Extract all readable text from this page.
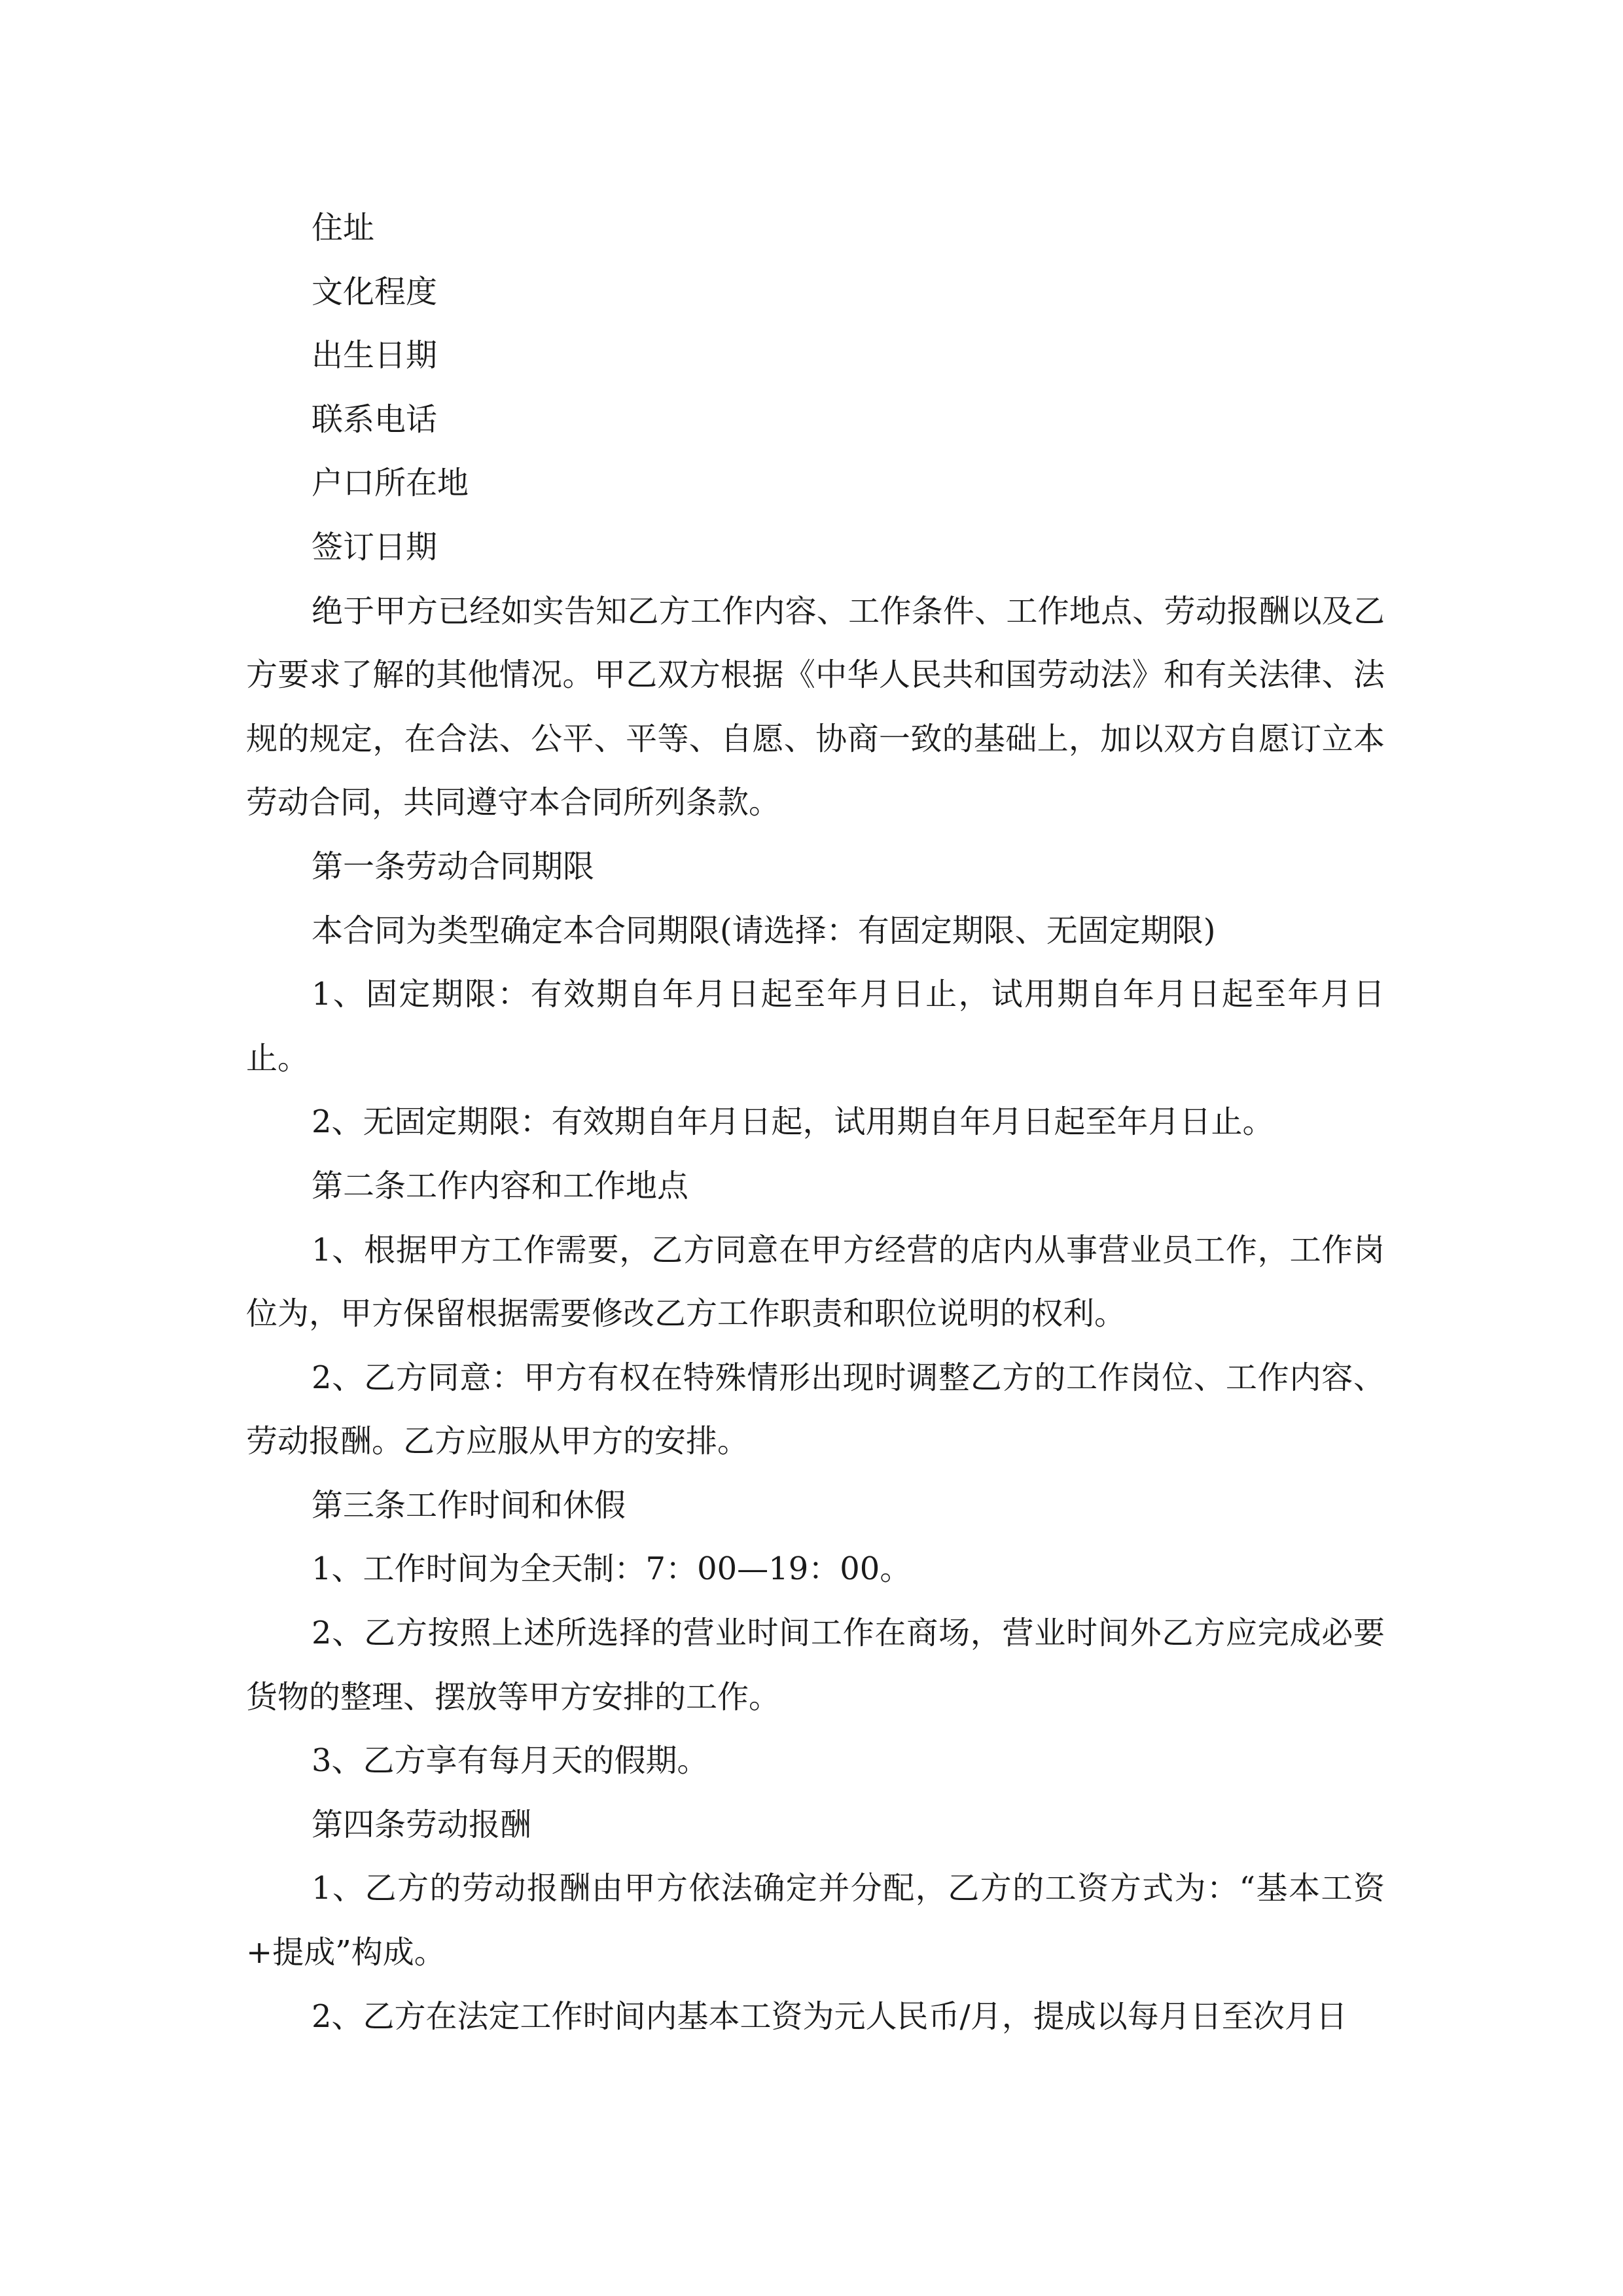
住址

文化程度

出生日期

联系电话

户口所在地

签订日期

绝于甲方已经如实告知乙方工作内容、工作条件、工作地点、劳动报酬以及乙方要求了解的其他情况。甲乙双方根据《中华人民共和国劳动法》和有关法律、法规的规定，在合法、公平、平等、自愿、协商一致的基础上，加以双方自愿订立本劳动合同，共同遵守本合同所列条款。

第一条劳动合同期限

本合同为类型确定本合同期限(请选择：有固定期限、无固定期限)

1、固定期限：有效期自年月日起至年月日止，试用期自年月日起至年月日止。

2、无固定期限：有效期自年月日起，试用期自年月日起至年月日止。

第二条工作内容和工作地点

1、根据甲方工作需要，乙方同意在甲方经营的店内从事营业员工作，工作岗位为，甲方保留根据需要修改乙方工作职责和职位说明的权利。

2、乙方同意：甲方有权在特殊情形出现时调整乙方的工作岗位、工作内容、劳动报酬。乙方应服从甲方的安排。

第三条工作时间和休假

1、工作时间为全天制：7：00—19：00。

2、乙方按照上述所选择的营业时间工作在商场，营业时间外乙方应完成必要货物的整理、摆放等甲方安排的工作。

3、乙方享有每月天的假期。

第四条劳动报酬

1、乙方的劳动报酬由甲方依法确定并分配，乙方的工资方式为：“基本工资+提成”构成。

2、乙方在法定工作时间内基本工资为元人民币/月，提成以每月日至次月日
